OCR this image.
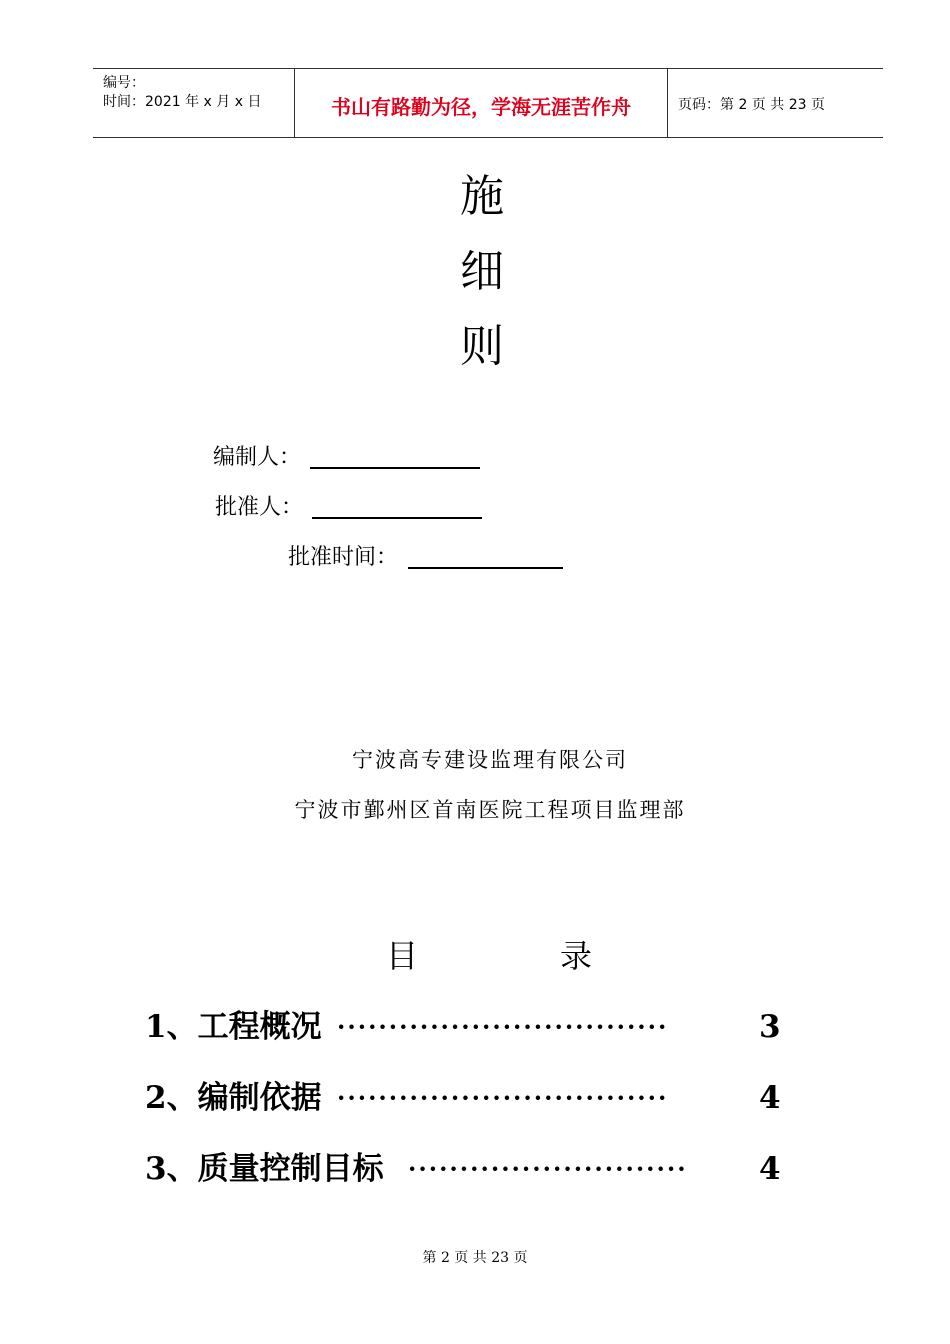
编号：
时间：2021 年 x 月 x 日	书山有路勤为径，学海无涯苦作舟	页码：第 2 页 共 23 页
施
细
则
编制人：
批准人：
批准时间：
宁波高专建设监理有限公司
宁波市鄞州区首南医院工程项目监理部
目	录
1、工程概况 ································	3
2、编制依据 ································	4
3、质量控制目标 ···························	4
第 2 页 共 23 页
